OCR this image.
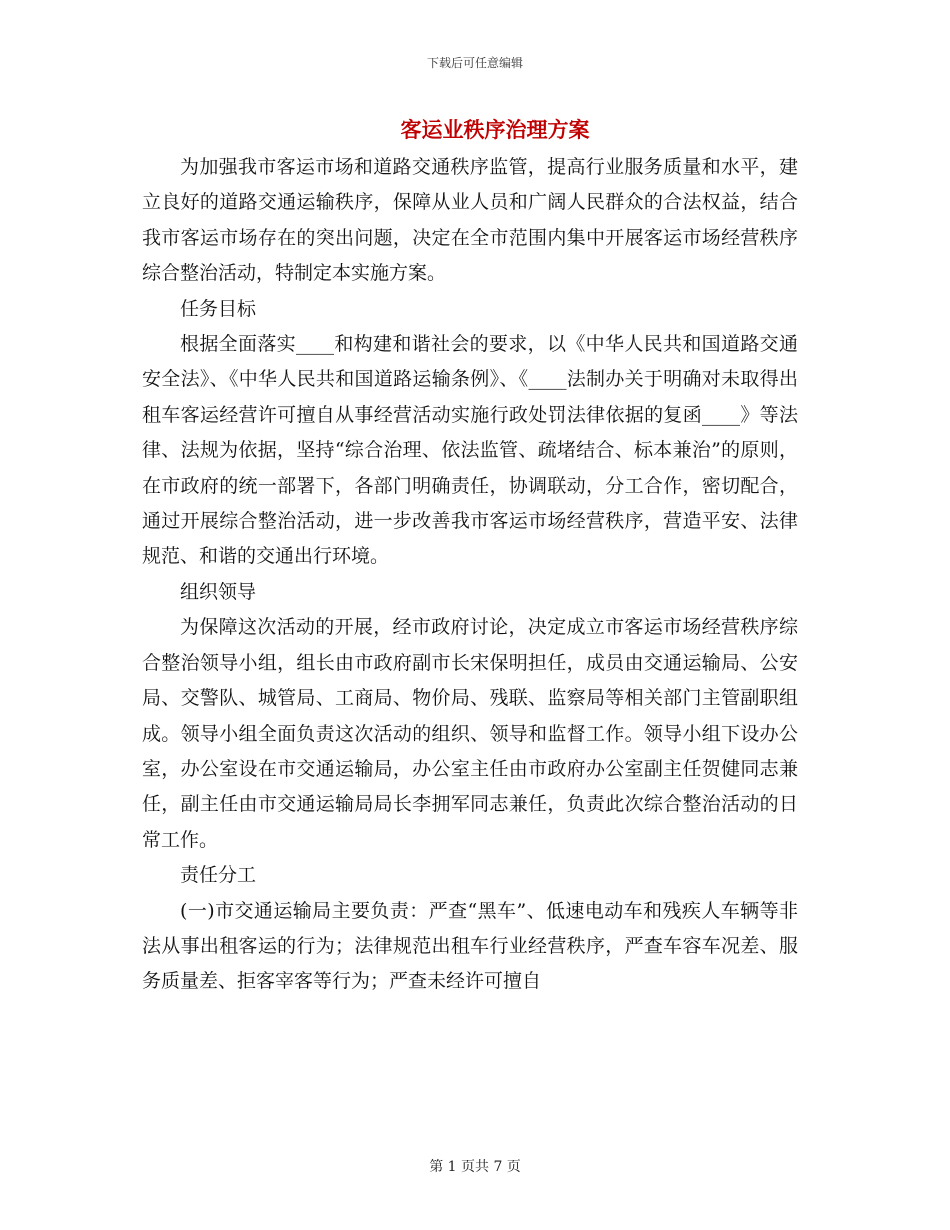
下载后可任意编辑
客运业秩序治理方案

为加强我市客运市场和道路交通秩序监管，提高行业服务质量和水平，建立良好的道路交通运输秩序，保障从业人员和广阔人民群众的合法权益，结合我市客运市场存在的突出问题，决定在全市范围内集中开展客运市场经营秩序综合整治活动，特制定本实施方案。

任务目标

根据全面落实____和构建和谐社会的要求，以《中华人民共和国道路交通安全法》、《中华人民共和国道路运输条例》、《____法制办关于明确对未取得出租车客运经营许可擅自从事经营活动实施行政处罚法律依据的复函____》等法律、法规为依据，坚持“综合治理、依法监管、疏堵结合、标本兼治”的原则，在市政府的统一部署下，各部门明确责任，协调联动，分工合作，密切配合，通过开展综合整治活动，进一步改善我市客运市场经营秩序，营造平安、法律规范、和谐的交通出行环境。

组织领导

为保障这次活动的开展，经市政府讨论，决定成立市客运市场经营秩序综合整治领导小组，组长由市政府副市长宋保明担任，成员由交通运输局、公安局、交警队、城管局、工商局、物价局、残联、监察局等相关部门主管副职组成。领导小组全面负责这次活动的组织、领导和监督工作。领导小组下设办公室，办公室设在市交通运输局，办公室主任由市政府办公室副主任贺健同志兼任，副主任由市交通运输局局长李拥军同志兼任，负责此次综合整治活动的日常工作。

责任分工

(一)市交通运输局主要负责：严查“黑车”、低速电动车和残疾人车辆等非法从事出租客运的行为；法律规范出租车行业经营秩序，严查车容车况差、服务质量差、拒客宰客等行为；严查未经许可擅自

第 1 页共 7 页
